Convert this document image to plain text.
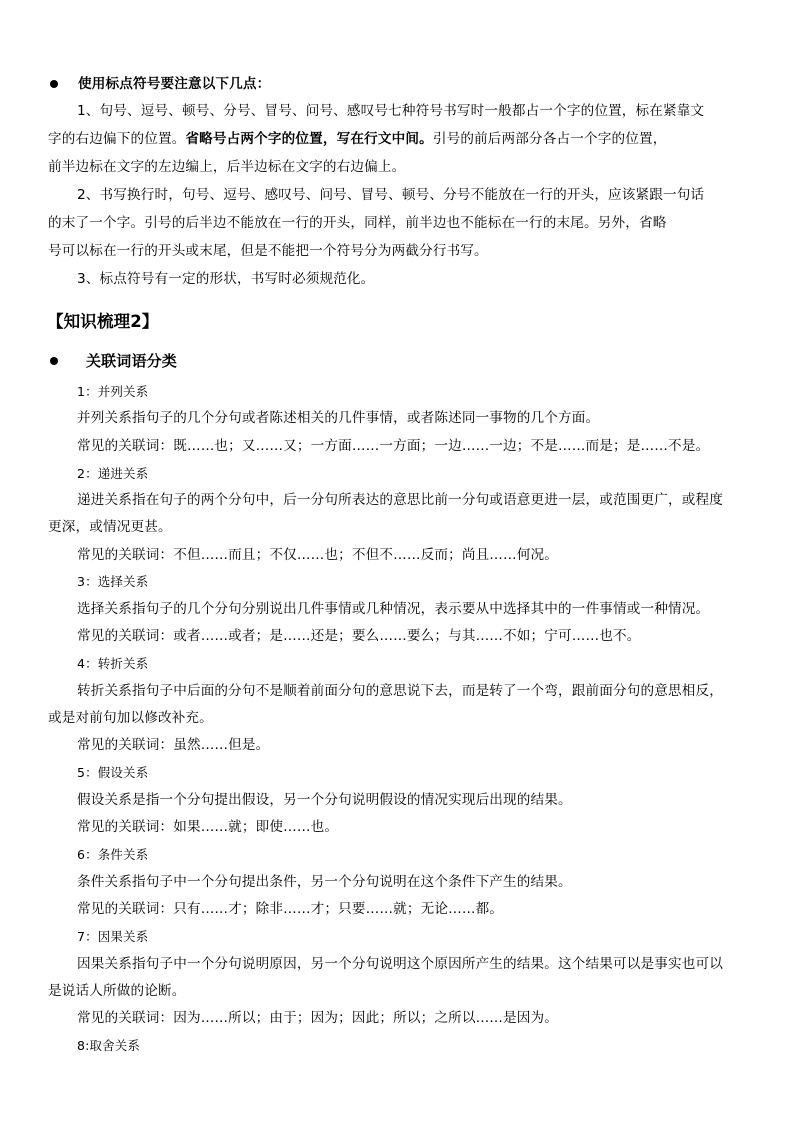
使用标点符号要注意以下几点：
1、句号、逗号、顿号、分号、冒号、问号、感叹号七种符号书写时一般都占一个字的位置，标在紧靠文
字的右边偏下的位置。省略号占两个字的位置，写在行文中间。引号的前后两部分各占一个字的位置，
前半边标在文字的左边编上，后半边标在文字的右边偏上。
2、书写换行时，句号、逗号、感叹号、问号、冒号、顿号、分号不能放在一行的开头，应该紧跟一句话
的末了一个字。引号的后半边不能放在一行的开头，同样，前半边也不能标在一行的末尾。另外，省略
号可以标在一行的开头或末尾，但是不能把一个符号分为两截分行书写。
3、标点符号有一定的形状，书写时必须规范化。
【知识梳理2】
关联词语分类
1：并列关系
并列关系指句子的几个分句或者陈述相关的几件事情，或者陈述同一事物的几个方面。
常见的关联词：既……也；又……又；一方面……一方面；一边……一边；不是……而是；是……不是。
2：递进关系
递进关系指在句子的两个分句中，后一分句所表达的意思比前一分句或语意更进一层，或范围更广，或程度
更深，或情况更甚。
常见的关联词：不但……而且；不仅……也；不但不……反而；尚且……何况。
3：选择关系
选择关系指句子的几个分句分别说出几件事情或几种情况，表示要从中选择其中的一件事情或一种情况。
常见的关联词：或者……或者；是……还是；要么……要么；与其……不如；宁可……也不。
4：转折关系
转折关系指句子中后面的分句不是顺着前面分句的意思说下去，而是转了一个弯，跟前面分句的意思相反，
或是对前句加以修改补充。
常见的关联词：虽然……但是。
5：假设关系
假设关系是指一个分句提出假设，另一个分句说明假设的情况实现后出现的结果。
常见的关联词：如果……就；即使……也。
6：条件关系
条件关系指句子中一个分句提出条件，另一个分句说明在这个条件下产生的结果。
常见的关联词：只有……才；除非……才；只要……就；无论……都。
7：因果关系
因果关系指句子中一个分句说明原因，另一个分句说明这个原因所产生的结果。这个结果可以是事实也可以
是说话人所做的论断。
常见的关联词：因为……所以；由于；因为；因此；所以；之所以……是因为。
8:取舍关系
